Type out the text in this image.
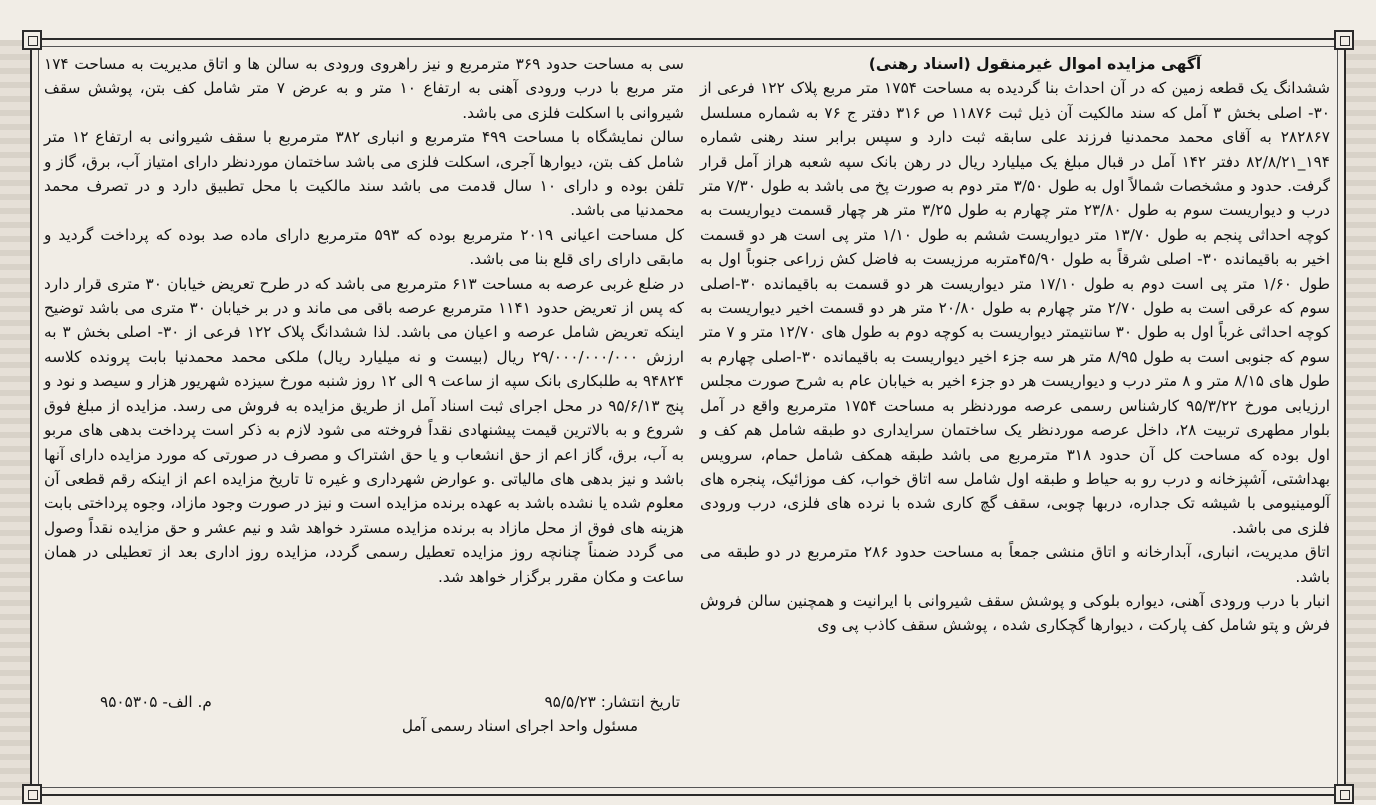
آگهی مزایده اموال غیرمنقول (اسناد رهنی)

ششدانگ یک قطعه زمین که در آن احداث بنا گردیده به مساحت ۱۷۵۴ متر مربع پلاک ۱۲۲ فرعی از ۳۰- اصلی بخش ۳ آمل که سند مالکیت آن ذیل ثبت ۱۱۸۷۶ ص ۳۱۶ دفتر ج ۷۶ به شماره مسلسل ۲۸۲۸۶۷ به آقای محمد محمدنیا فرزند علی سابقه ثبت دارد و سپس برابر سند رهنی شماره ۱۹۴_۸۲/۸/۲۱ دفتر ۱۴۲ آمل در قبال مبلغ یک میلیارد ریال در رهن بانک سپه شعبه هراز آمل قرار گرفت. حدود و مشخصات شمالاً اول به طول ۳/۵۰ متر دوم به صورت پخ می باشد به طول ۷/۳۰ متر درب و دیواریست سوم به طول ۲۳/۸۰ متر چهارم به طول ۳/۲۵ متر هر چهار قسمت دیواریست به کوچه احداثی پنجم به طول ۱۳/۷۰ متر دیواریست ششم به طول ۱/۱۰ متر پی است هر دو قسمت اخیر به باقیمانده ۳۰- اصلی شرقاً به طول ۴۵/۹۰متربه مرزیست به فاضل کش زراعی جنوباً اول به طول ۱/۶۰ متر پی است دوم به طول ۱۷/۱۰ متر دیواریست هر دو قسمت به باقیمانده ۳۰-اصلی سوم که عرقی است به طول ۲/۷۰ متر چهارم به طول ۲۰/۸۰ متر هر دو قسمت اخیر دیواریست به کوچه احداثی غرباً اول به طول ۳۰ سانتیمتر دیواریست به کوچه دوم به طول های ۱۲/۷۰ متر و ۷ متر سوم که جنوبی است به طول ۸/۹۵ متر هر سه جزء اخیر دیواریست به باقیمانده ۳۰-اصلی چهارم به طول های ۸/۱۵ متر و ۸ متر درب و دیواریست هر دو جزء اخیر به خیابان عام به شرح صورت مجلس ارزیابی مورخ ۹۵/۳/۲۲ کارشناس رسمی عرصه موردنظر به مساحت ۱۷۵۴ مترمربع واقع در آمل بلوار مطهری تربیت ۲۸، داخل عرصه موردنظر یک ساختمان سرایداری دو طبقه شامل هم کف و اول بوده که مساحت کل آن حدود ۳۱۸ مترمربع می باشد طبقه همکف شامل حمام، سرویس بهداشتی، آشپزخانه و درب رو به حیاط و طبقه اول شامل سه اتاق خواب، کف موزائیک، پنجره های آلومینیومی با شیشه تک جداره، دربها چوبی، سقف گچ کاری شده با نرده های فلزی، درب ورودی فلزی می باشد.

اتاق مدیریت، انباری، آبدارخانه و اتاق منشی جمعاً به مساحت حدود ۲۸۶ مترمربع در دو طبقه می باشد.

انبار با درب ورودی آهنی، دیواره بلوکی و پوشش سقف شیروانی با ایرانیت و همچنین سالن فروش فرش و پتو شامل کف پارکت ، دیوارها گچکاری شده ، پوشش سقف کاذب پی وی

سی به مساحت حدود ۳۶۹ مترمربع و نیز راهروی ورودی به سالن ها و اتاق مدیریت به مساحت ۱۷۴ متر مربع با درب ورودی آهنی به ارتفاع ۱۰ متر و به عرض ۷ متر شامل کف بتن، پوشش سقف شیروانی با اسکلت فلزی می باشد.

سالن نمایشگاه با مساحت ۴۹۹ مترمربع و انباری ۳۸۲ مترمربع با سقف شیروانی به ارتفاع ۱۲ متر شامل کف بتن، دیوارها آجری، اسکلت فلزی می باشد ساختمان موردنظر دارای امتیاز آب، برق، گاز و تلفن بوده و دارای ۱۰ سال قدمت می باشد سند مالکیت با محل تطبیق دارد و در تصرف محمد محمدنیا می باشد.

کل مساحت اعیانی ۲۰۱۹ مترمربع بوده که ۵۹۳ مترمربع دارای ماده صد بوده که پرداخت گردید و مابقی دارای رای قلع بنا می باشد.

در ضلع غربی عرصه به مساحت ۶۱۳ مترمربع می باشد که در طرح تعریض خیابان ۳۰ متری قرار دارد که پس از تعریض حدود ۱۱۴۱ مترمربع عرصه باقی می ماند و در بر خیابان ۳۰ متری می باشد توضیح اینکه تعریض شامل عرصه و اعیان می باشد. لذا ششدانگ پلاک ۱۲۲ فرعی از ۳۰- اصلی بخش ۳ به ارزش ۲۹/۰۰۰/۰۰۰/۰۰۰ ریال (بیست و نه میلیارد ریال) ملکی محمد محمدنیا بابت پرونده کلاسه ۹۴۸۲۴ به طلبکاری بانک سپه از ساعت ۹ الی ۱۲ روز شنبه مورخ سیزده شهریور هزار و سیصد و نود و پنج ۹۵/۶/۱۳ در محل اجرای ثبت اسناد آمل از طریق مزایده به فروش می رسد. مزایده از مبلغ فوق شروع و به بالاترین قیمت پیشنهادی نقداً فروخته می شود لازم به ذکر است پرداخت بدهی های مربو به آب، برق، گاز اعم از حق انشعاب و یا حق اشتراک و مصرف در صورتی که مورد مزایده دارای آنها باشد و نیز بدهی های مالیاتی .و عوارض شهرداری و غیره تا تاریخ مزایده اعم از اینکه رقم قطعی آن معلوم شده یا نشده باشد به عهده برنده مزایده است و نیز در صورت وجود مازاد، وجوه پرداختی بابت هزینه های فوق از محل مازاد به برنده مزایده مسترد خواهد شد و نیم عشر و حق مزایده نقداً وصول می گردد ضمناً چنانچه روز مزایده تعطیل رسمی گردد، مزایده روز اداری بعد از تعطیلی در همان ساعت و مکان مقرر برگزار خواهد شد.

تاریخ انتشار: ۹۵/۵/۲۳
م. الف- ۹۵۰۵۳۰۵
مسئول واحد اجرای اسناد رسمی آمل
